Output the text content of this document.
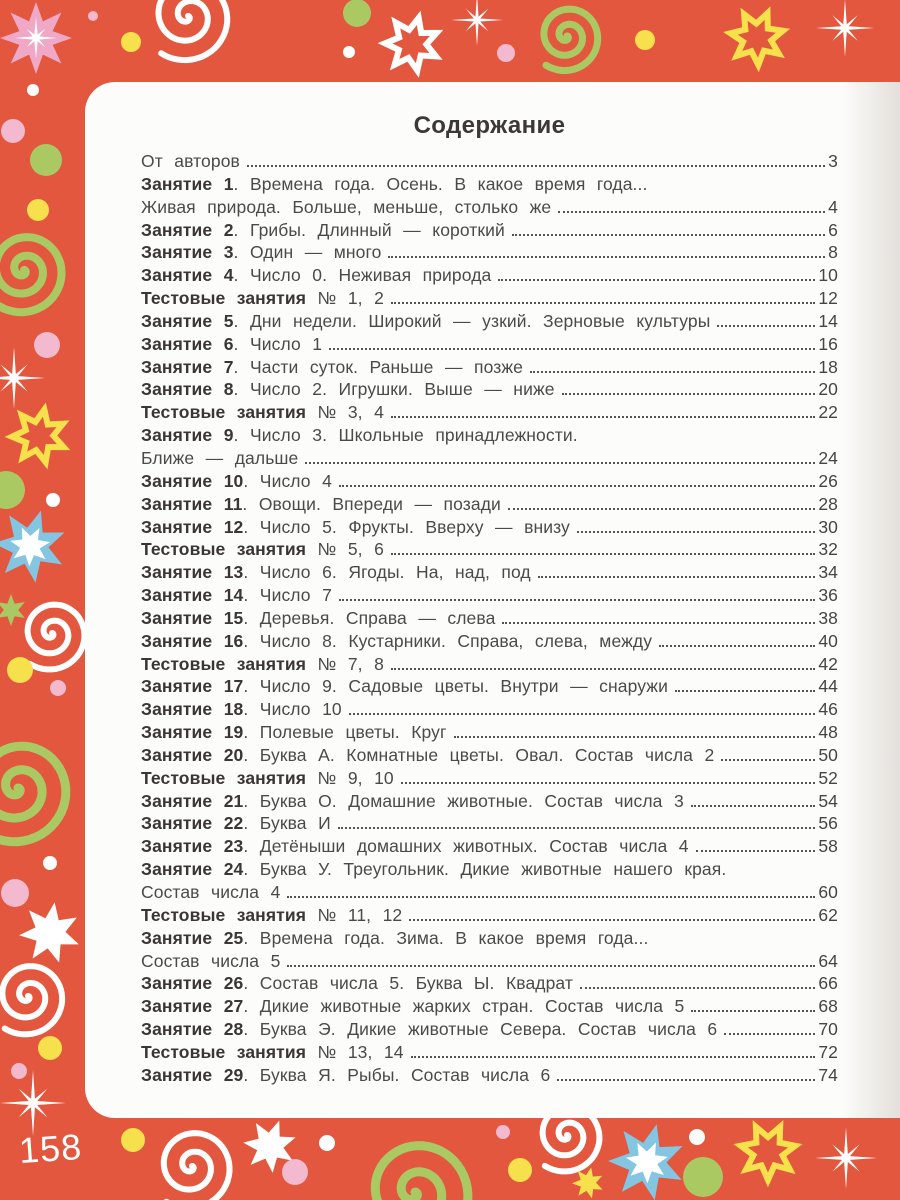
Содержание
От авторов	3
Занятие 1. Времена года. Осень. В какое время года...
Живая природа. Больше, меньше, столько же	4
Занятие 2. Грибы. Длинный — короткий	6
Занятие 3. Один — много	8
Занятие 4. Число 0. Неживая природа	10
Тестовые занятия № 1, 2	12
Занятие 5. Дни недели. Широкий — узкий. Зерновые культуры	14
Занятие 6. Число 1	16
Занятие 7. Части суток. Раньше — позже	18
Занятие 8. Число 2. Игрушки. Выше — ниже	20
Тестовые занятия № 3, 4	22
Занятие 9. Число 3. Школьные принадлежности.
Ближе — дальше	24
Занятие 10. Число 4	26
Занятие 11. Овощи. Впереди — позади	28
Занятие 12. Число 5. Фрукты. Вверху — внизу	30
Тестовые занятия № 5, 6	32
Занятие 13. Число 6. Ягоды. На, над, под	34
Занятие 14. Число 7	36
Занятие 15. Деревья. Справа — слева	38
Занятие 16. Число 8. Кустарники. Справа, слева, между	40
Тестовые занятия № 7, 8	42
Занятие 17. Число 9. Садовые цветы. Внутри — снаружи	44
Занятие 18. Число 10	46
Занятие 19. Полевые цветы. Круг	48
Занятие 20. Буква А. Комнатные цветы. Овал. Состав числа 2	50
Тестовые занятия № 9, 10	52
Занятие 21. Буква О. Домашние животные. Состав числа 3	54
Занятие 22. Буква И	56
Занятие 23. Детёныши домашних животных. Состав числа 4	58
Занятие 24. Буква У. Треугольник. Дикие животные нашего края.
Состав числа 4	60
Тестовые занятия № 11, 12	62
Занятие 25. Времена года. Зима. В какое время года...
Состав числа 5	64
Занятие 26. Состав числа 5. Буква Ы. Квадрат	66
Занятие 27. Дикие животные жарких стран. Состав числа 5	68
Занятие 28. Буква Э. Дикие животные Севера. Состав числа 6	70
Тестовые занятия № 13, 14	72
Занятие 29. Буква Я. Рыбы. Состав числа 6	74
158
